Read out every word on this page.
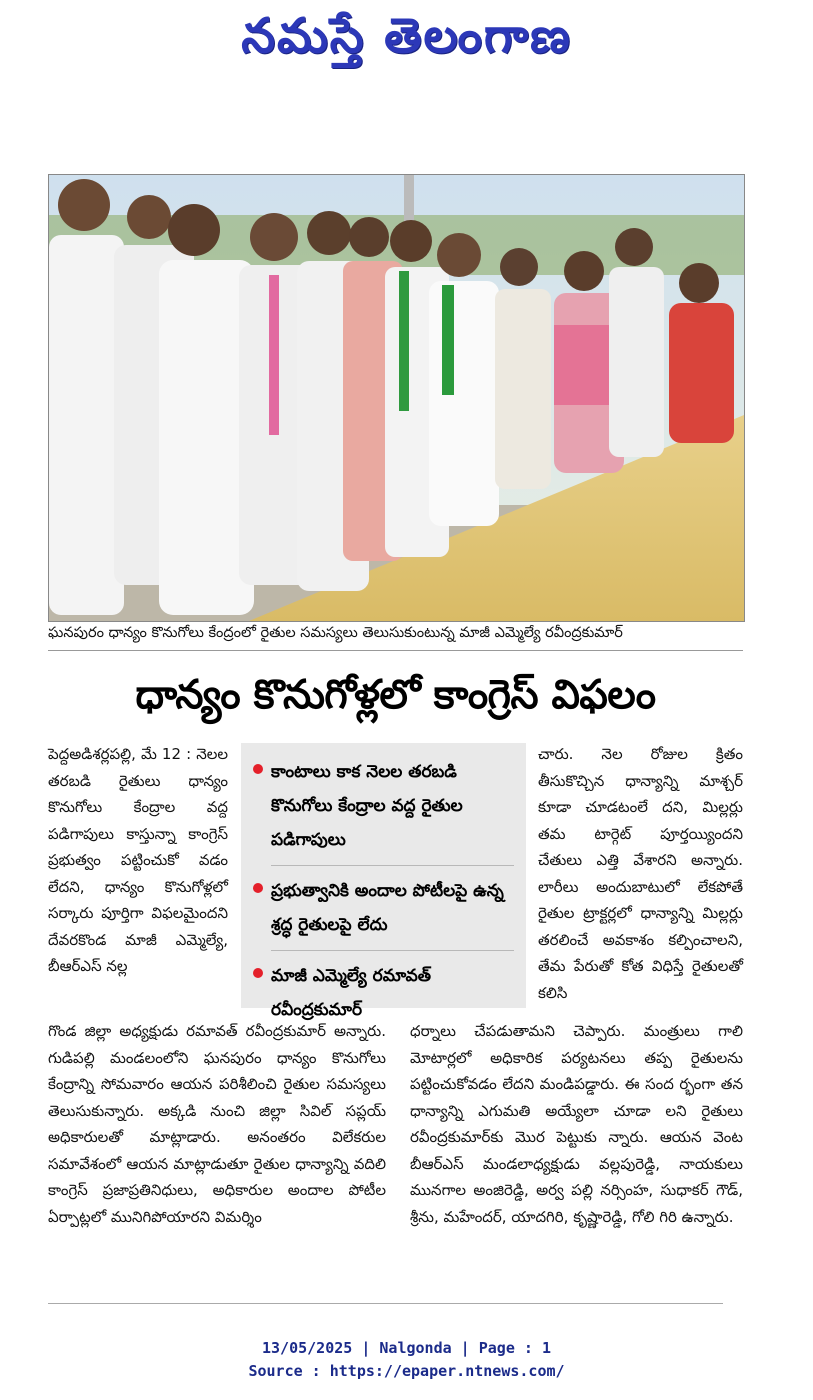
నమస్తే తెలంగాణ
ఘనపురం ధాన్యం కొనుగోలు కేంద్రంలో రైతుల సమస్యలు తెలుసుకుంటున్న మాజీ ఎమ్మెల్యే రవీంద్రకుమార్
ధాన్యం కొనుగోళ్లలో కాంగ్రెస్ విఫలం

పెద్దఅడిశర్లపల్లి, మే 12 : నెలల తరబడి రైతులు ధాన్యం కొనుగోలు కేంద్రాల వద్ద పడిగాపులు కాస్తున్నా కాంగ్రెస్ ప్రభుత్వం పట్టించుకో వడం లేదని, ధాన్యం కొనుగోళ్లలో సర్కారు పూర్తిగా విఫలమైందని దేవరకొండ మాజీ ఎమ్మెల్యే, బీఆర్ఎస్ నల్ల

కాంటాలు కాక నెలల తరబడి కొనుగోలు కేంద్రాల వద్ద రైతుల పడిగాపులు
ప్రభుత్వానికి అందాల పోటీలపై ఉన్న శ్రద్ధ రైతులపై లేదు
మాజీ ఎమ్మెల్యే రమావత్ రవీంద్రకుమార్

చారు. నెల రోజుల క్రితం తీసుకొచ్చిన ధాన్యాన్ని మాశ్చర్ కూడా చూడటంలే దని, మిల్లర్లు తమ టార్గెట్ పూర్తయ్యిందని చేతులు ఎత్తి వేశారని అన్నారు. లారీలు అందుబాటులో లేకపోతే రైతుల ట్రాక్టర్లలో ధాన్యాన్ని మిల్లర్లు తరలించే అవకాశం కల్పించాలని, తేమ పేరుతో కోత విధిస్తే రైతులతో కలిసి

గొండ జిల్లా అధ్యక్షుడు రమావత్ రవీంద్రకుమార్ అన్నారు. గుడిపల్లి మండలంలోని ఘనపురం ధాన్యం కొనుగోలు కేంద్రాన్ని సోమవారం ఆయన పరిశీలించి రైతుల సమస్యలు తెలుసుకున్నారు. అక్కడి నుంచి జిల్లా సివిల్ సప్లయ్ అధికారులతో మాట్లాడారు. అనంతరం విలేకరుల సమావేశంలో ఆయన మాట్లాడుతూ రైతుల ధాన్యాన్ని వదిలి కాంగ్రెస్ ప్రజాప్రతినిధులు, అధికారుల అందాల పోటీల ఏర్పాట్లలో మునిగిపోయారని విమర్శిం

ధర్నాలు చేపడుతామని చెప్పారు. మంత్రులు గాలి మోటార్లలో అధికారిక పర్యటనలు తప్ప రైతులను పట్టించుకోవడం లేదని మండిపడ్డారు. ఈ సంద ర్భంగా తన ధాన్యాన్ని ఎగుమతి అయ్యేలా చూడా లని రైతులు రవీంద్రకుమార్‌కు మొర పెట్టుకు న్నారు. ఆయన వెంట బీఆర్ఎస్ మండలాధ్యక్షుడు వల్లపురెడ్డి, నాయకులు మునగాల అంజిరెడ్డి, అర్వ పల్లి నర్సింహ, సుధాకర్ గౌడ్, శ్రీను, మహేందర్, యాదగిరి, కృష్ణారెడ్డి, గోలి గిరి ఉన్నారు.

13/05/2025 | Nalgonda | Page : 1
Source : https://epaper.ntnews.com/
